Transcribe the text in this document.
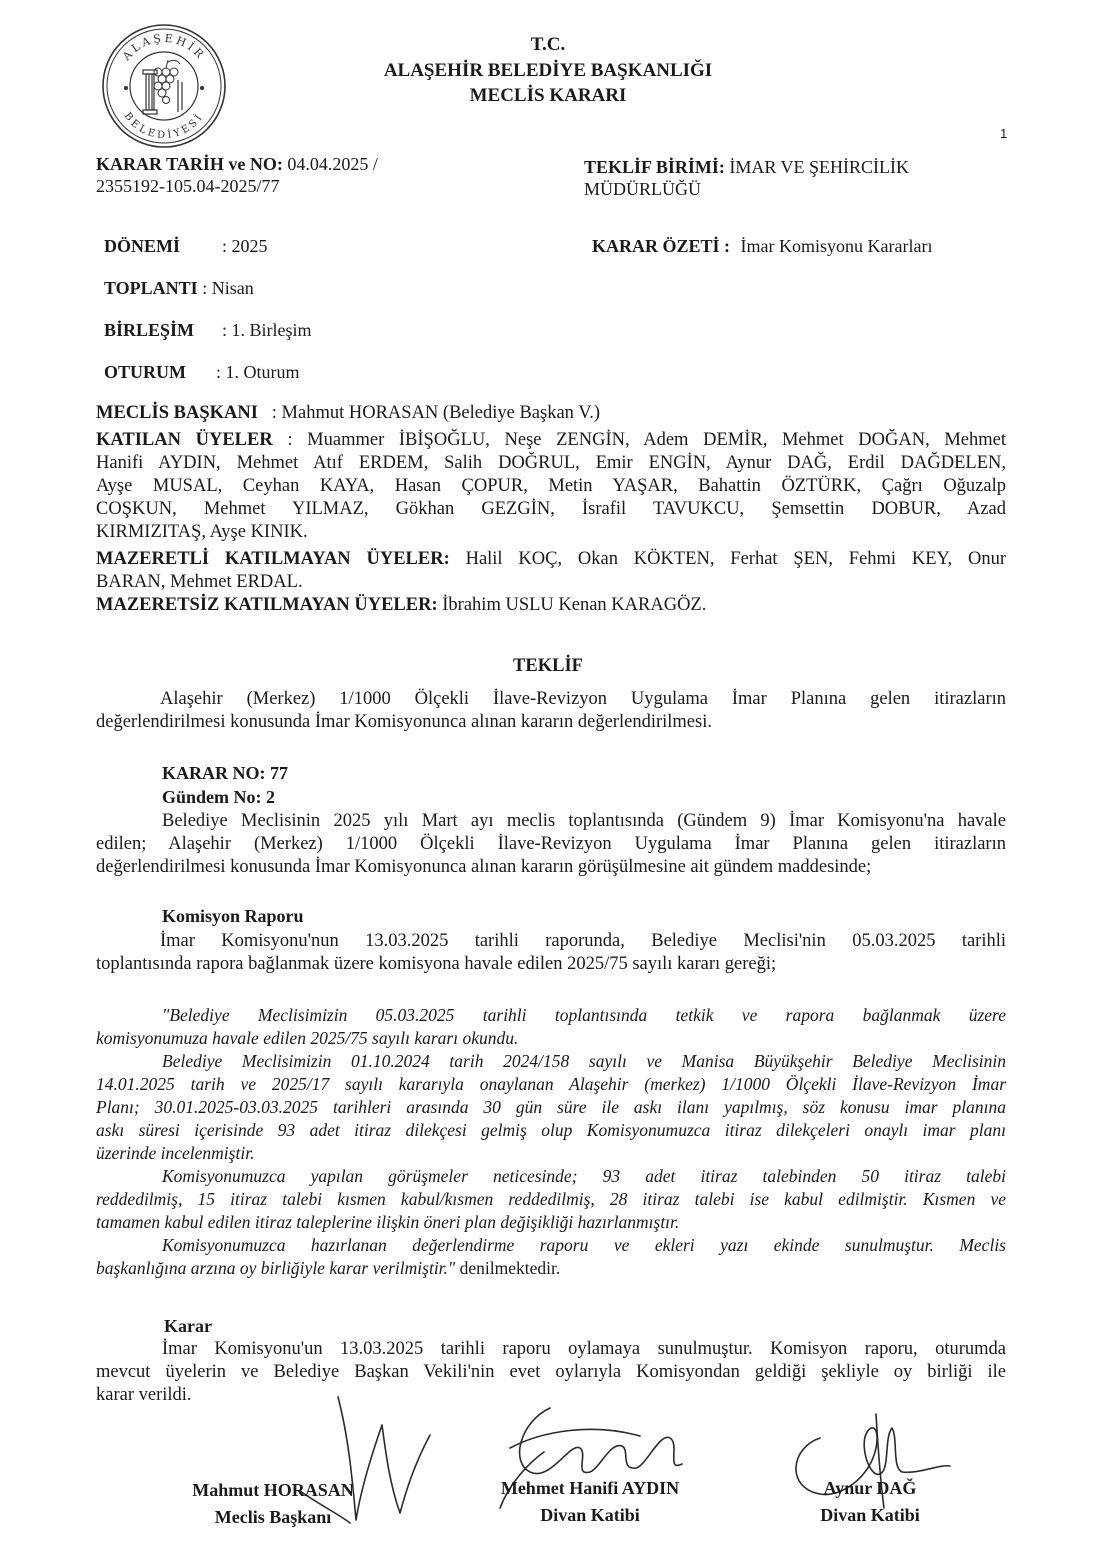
ALAŞEHİR
BELEDİYESİ
T.C.
ALAŞEHİR BELEDİYE BAŞKANLIĞI
MECLİS KARARI
1
KARAR TARİH ve NO: 04.04.2025 /
2355192-105.04-2025/77
TEKLİF BİRİMİ: İMAR VE ŞEHİRCİLİK
MÜDÜRLÜĞÜ
DÖNEMİ : 2025	KARAR ÖZETİ : İmar Komisyonu Kararları
TOPLANTI : Nisan
BİRLEŞİM : 1. Birleşim
OTURUM : 1. Oturum
MECLİS BAŞKANI : Mahmut HORASAN (Belediye Başkan V.)
KATILAN ÜYELER : Muammer İBİŞOĞLU, Neşe ZENGİN, Adem DEMİR, Mehmet DOĞAN, Mehmet
Hanifi AYDIN, Mehmet Atıf ERDEM, Salih DOĞRUL, Emir ENGİN, Aynur DAĞ, Erdil DAĞDELEN,
Ayşe MUSAL, Ceyhan KAYA, Hasan ÇOPUR, Metin YAŞAR, Bahattin ÖZTÜRK, Çağrı Oğuzalp
COŞKUN, Mehmet YILMAZ, Gökhan GEZGİN, İsrafil TAVUKCU, Şemsettin DOBUR, Azad
KIRMIZITAŞ, Ayşe KINIK.
MAZERETLİ KATILMAYAN ÜYELER: Halil KOÇ, Okan KÖKTEN, Ferhat ŞEN, Fehmi KEY, Onur
BARAN, Mehmet ERDAL.
MAZERETSİZ KATILMAYAN ÜYELER: İbrahim USLU Kenan KARAGÖZ.
TEKLİF
Alaşehir (Merkez) 1/1000 Ölçekli İlave-Revizyon Uygulama İmar Planına gelen itirazların
değerlendirilmesi konusunda İmar Komisyonunca alınan kararın değerlendirilmesi.
KARAR NO: 77
Gündem No: 2
Belediye Meclisinin 2025 yılı Mart ayı meclis toplantısında (Gündem 9) İmar Komisyonu'na havale
edilen; Alaşehir (Merkez) 1/1000 Ölçekli İlave-Revizyon Uygulama İmar Planına gelen itirazların
değerlendirilmesi konusunda İmar Komisyonunca alınan kararın görüşülmesine ait gündem maddesinde;
Komisyon Raporu
İmar Komisyonu'nun 13.03.2025 tarihli raporunda, Belediye Meclisi'nin 05.03.2025 tarihli
toplantısında rapora bağlanmak üzere komisyona havale edilen 2025/75 sayılı kararı gereği;
"Belediye Meclisimizin 05.03.2025 tarihli toplantısında tetkik ve rapora bağlanmak üzere
komisyonumuza havale edilen 2025/75 sayılı kararı okundu.
Belediye Meclisimizin 01.10.2024 tarih 2024/158 sayılı ve Manisa Büyükşehir Belediye Meclisinin
14.01.2025 tarih ve 2025/17 sayılı kararıyla onaylanan Alaşehir (merkez) 1/1000 Ölçekli İlave-Revizyon İmar
Planı; 30.01.2025-03.03.2025 tarihleri arasında 30 gün süre ile askı ilanı yapılmış, söz konusu imar planına
askı süresi içerisinde 93 adet itiraz dilekçesi gelmiş olup Komisyonumuzca itiraz dilekçeleri onaylı imar planı
üzerinde incelenmiştir.
Komisyonumuzca yapılan görüşmeler neticesinde; 93 adet itiraz talebinden 50 itiraz talebi
reddedilmiş, 15 itiraz talebi kısmen kabul/kısmen reddedilmiş, 28 itiraz talebi ise kabul edilmiştir. Kısmen ve
tamamen kabul edilen itiraz taleplerine ilişkin öneri plan değişikliği hazırlanmıştır.
Komisyonumuzca hazırlanan değerlendirme raporu ve ekleri yazı ekinde sunulmuştur. Meclis
başkanlığına arzına oy birliğiyle karar verilmiştir." denilmektedir.
Karar
İmar Komisyonu'un 13.03.2025 tarihli raporu oylamaya sunulmuştur. Komisyon raporu, oturumda
mevcut üyelerin ve Belediye Başkan Vekili'nin evet oylarıyla Komisyondan geldiği şekliyle oy birliği ile
karar verildi.
Mahmut HORASAN
Meclis Başkanı
Mehmet Hanifi AYDIN
Divan Katibi
Aynur DAĞ
Divan Katibi
